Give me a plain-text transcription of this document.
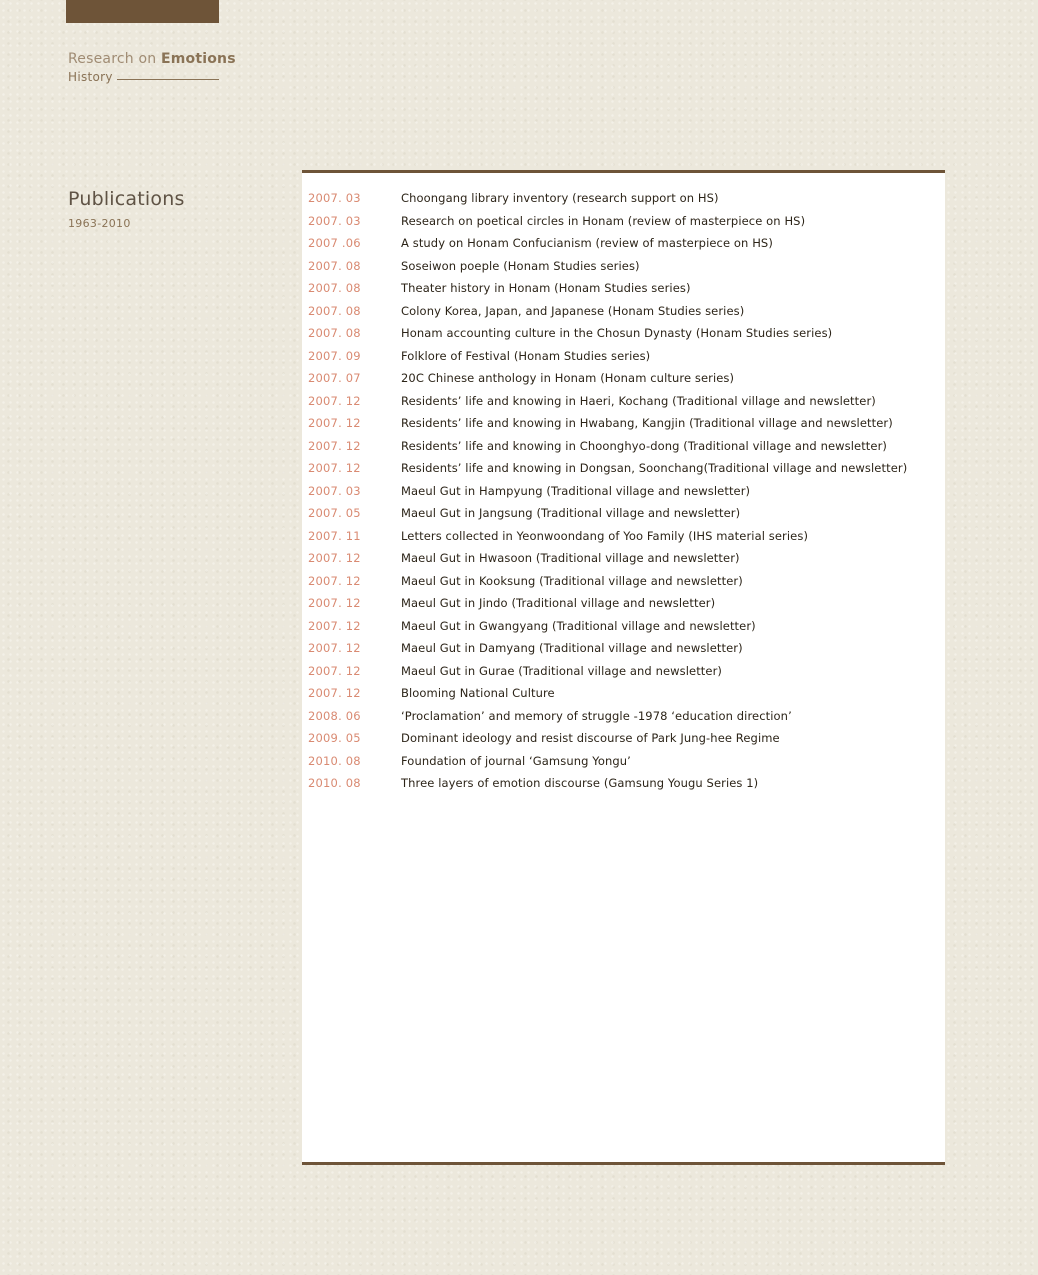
Research on Emotions
History
Publications
1963-2010
2007. 03	Choongang library inventory (research support on HS)
2007. 03	Research on poetical circles in Honam (review of masterpiece on HS)
2007 .06	A study on Honam Confucianism (review of masterpiece on HS)
2007. 08	Soseiwon poeple (Honam Studies series)
2007. 08	Theater history in Honam (Honam Studies series)
2007. 08	Colony Korea, Japan, and Japanese (Honam Studies series)
2007. 08	Honam accounting culture in the Chosun Dynasty (Honam Studies series)
2007. 09	Folklore of Festival (Honam Studies series)
2007. 07	20C Chinese anthology in Honam (Honam culture series)
2007. 12	Residents’ life and knowing in Haeri, Kochang (Traditional village and newsletter)
2007. 12	Residents’ life and knowing in Hwabang, Kangjin (Traditional village and newsletter)
2007. 12	Residents’ life and knowing in Choonghyo-dong (Traditional village and newsletter)
2007. 12	Residents’ life and knowing in Dongsan, Soonchang(Traditional village and newsletter)
2007. 03	Maeul Gut in Hampyung (Traditional village and newsletter)
2007. 05	Maeul Gut in Jangsung (Traditional village and newsletter)
2007. 11	Letters collected in Yeonwoondang of Yoo Family (IHS material series)
2007. 12	Maeul Gut in Hwasoon (Traditional village and newsletter)
2007. 12	Maeul Gut in Kooksung (Traditional village and newsletter)
2007. 12	Maeul Gut in Jindo (Traditional village and newsletter)
2007. 12	Maeul Gut in Gwangyang (Traditional village and newsletter)
2007. 12	Maeul Gut in Damyang (Traditional village and newsletter)
2007. 12	Maeul Gut in Gurae (Traditional village and newsletter)
2007. 12	Blooming National Culture
2008. 06	‘Proclamation’ and memory of struggle -1978 ‘education direction’
2009. 05	Dominant ideology and resist discourse of Park Jung-hee Regime
2010. 08	Foundation of journal ‘Gamsung Yongu’
2010. 08	Three layers of emotion discourse (Gamsung Yougu Series 1)
